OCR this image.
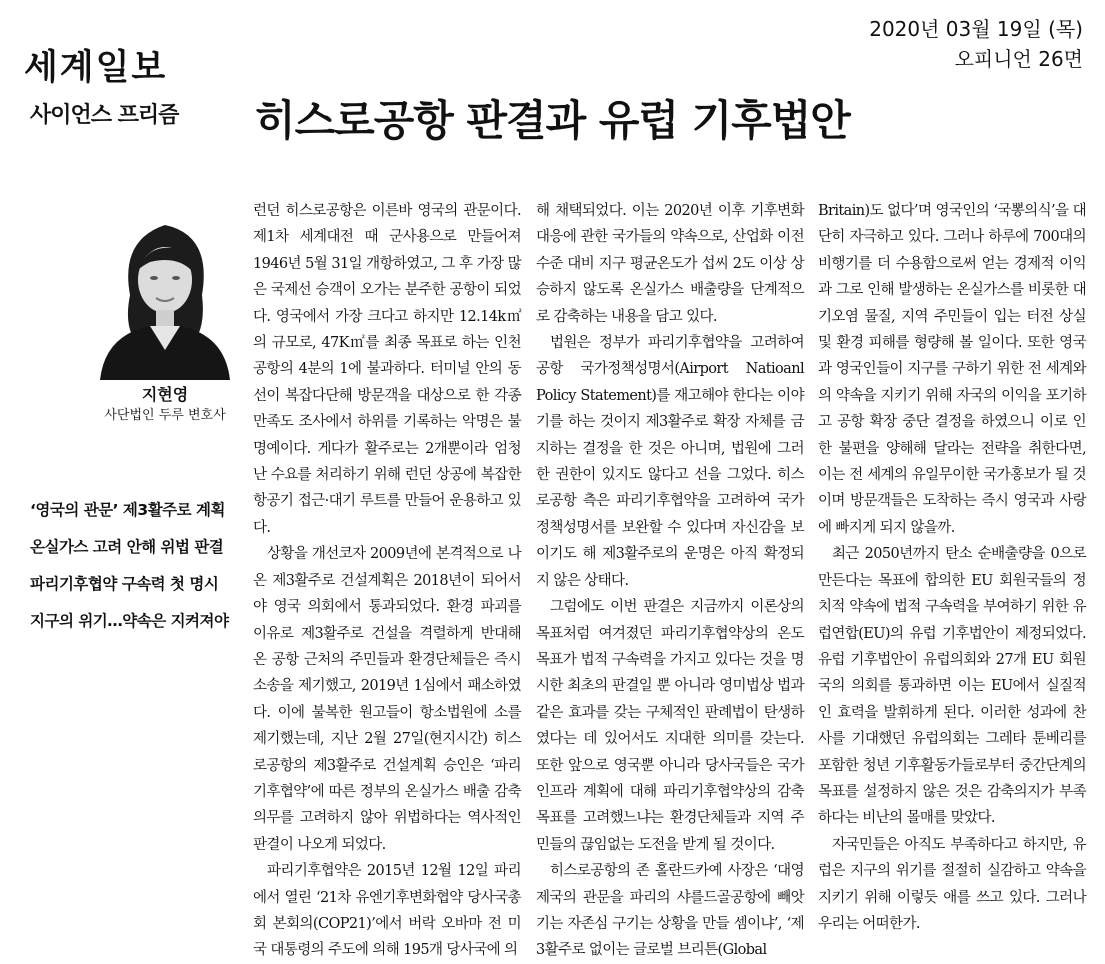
세계일보
사이언스 프리즘
2020년 03월 19일 (목)
오피니언 26면
히스로공항 판결과 유럽 기후법안
지현영
사단법인 두루 변호사
‘영국의 관문’ 제3활주로 계획
온실가스 고려 안해 위법 판결
파리기후협약 구속력 첫 명시
지구의 위기…약속은 지켜져야

런던 히스로공항은 이른바 영국의 관문이다. 제1차 세계대전 때 군사용으로 만들어져 1946년 5월 31일 개항하였고, 그 후 가장 많은 국제선 승객이 오가는 분주한 공항이 되었다. 영국에서 가장 크다고 하지만 12.14k㎡의 규모로, 47K㎡를 최종 목표로 하는 인천공항의 4분의 1에 불과하다. 터미널 안의 동선이 복잡다단해 방문객을 대상으로 한 각종 만족도 조사에서 하위를 기록하는 악명은 불명예이다. 게다가 활주로는 2개뿐이라 엄청난 수요를 처리하기 위해 런던 상공에 복잡한 항공기 접근·대기 루트를 만들어 운용하고 있다.

상황을 개선코자 2009년에 본격적으로 나온 제3활주로 건설계획은 2018년이 되어서야 영국 의회에서 통과되었다. 환경 파괴를 이유로 제3활주로 건설을 격렬하게 반대해 온 공항 근처의 주민들과 환경단체들은 즉시 소송을 제기했고, 2019년 1심에서 패소하였다. 이에 불복한 원고들이 항소법원에 소를 제기했는데, 지난 2월 27일(현지시간) 히스로공항의 제3활주로 건설계획 승인은 ‘파리기후협약’에 따른 정부의 온실가스 배출 감축 의무를 고려하지 않아 위법하다는 역사적인 판결이 나오게 되었다.

파리기후협약은 2015년 12월 12일 파리에서 열린 ‘21차 유엔기후변화협약 당사국총회 본회의(COP21)’에서 버락 오바마 전 미국 대통령의 주도에 의해 195개 당사국에 의

해 채택되었다. 이는 2020년 이후 기후변화 대응에 관한 국가들의 약속으로, 산업화 이전 수준 대비 지구 평균온도가 섭씨 2도 이상 상승하지 않도록 온실가스 배출량을 단계적으로 감축하는 내용을 담고 있다.

법원은 정부가 파리기후협약을 고려하여 공항 국가정책성명서(Airport Natioanl Policy Statement)를 재고해야 한다는 이야기를 하는 것이지 제3활주로 확장 자체를 금지하는 결정을 한 것은 아니며, 법원에 그러한 권한이 있지도 않다고 선을 그었다. 히스로공항 측은 파리기후협약을 고려하여 국가정책성명서를 보완할 수 있다며 자신감을 보이기도 해 제3활주로의 운명은 아직 확정되지 않은 상태다.

그럼에도 이번 판결은 지금까지 이론상의 목표처럼 여겨졌던 파리기후협약상의 온도 목표가 법적 구속력을 가지고 있다는 것을 명시한 최초의 판결일 뿐 아니라 영미법상 법과 같은 효과를 갖는 구체적인 판례법이 탄생하였다는 데 있어서도 지대한 의미를 갖는다. 또한 앞으로 영국뿐 아니라 당사국들은 국가 인프라 계획에 대해 파리기후협약상의 감축 목표를 고려했느냐는 환경단체들과 지역 주민들의 끊임없는 도전을 받게 될 것이다.

히스로공항의 존 홀란드카예 사장은 ‘대영제국의 관문을 파리의 샤를드골공항에 빼앗기는 자존심 구기는 상황을 만들 셈이냐’, ‘제3활주로 없이는 글로벌 브리튼(Global

Britain)도 없다’며 영국인의 ‘국뽕의식’을 대단히 자극하고 있다. 그러나 하루에 700대의 비행기를 더 수용함으로써 얻는 경제적 이익과 그로 인해 발생하는 온실가스를 비롯한 대기오염 물질, 지역 주민들이 입는 터전 상실 및 환경 피해를 형량해 볼 일이다. 또한 영국과 영국인들이 지구를 구하기 위한 전 세계와의 약속을 지키기 위해 자국의 이익을 포기하고 공항 확장 중단 결정을 하였으니 이로 인한 불편을 양해해 달라는 전략을 취한다면, 이는 전 세계의 유일무이한 국가홍보가 될 것이며 방문객들은 도착하는 즉시 영국과 사랑에 빠지게 되지 않을까.

최근 2050년까지 탄소 순배출량을 0으로 만든다는 목표에 합의한 EU 회원국들의 정치적 약속에 법적 구속력을 부여하기 위한 유럽연합(EU)의 유럽 기후법안이 제정되었다. 유럽 기후법안이 유럽의회와 27개 EU 회원국의 의회를 통과하면 이는 EU에서 실질적인 효력을 발휘하게 된다. 이러한 성과에 찬사를 기대했던 유럽의회는 그레타 툰베리를 포함한 청년 기후활동가들로부터 중간단계의 목표를 설정하지 않은 것은 감축의지가 부족하다는 비난의 몰매를 맞았다.

자국민들은 아직도 부족하다고 하지만, 유럽은 지구의 위기를 절절히 실감하고 약속을 지키기 위해 이렇듯 애를 쓰고 있다. 그러나 우리는 어떠한가.
